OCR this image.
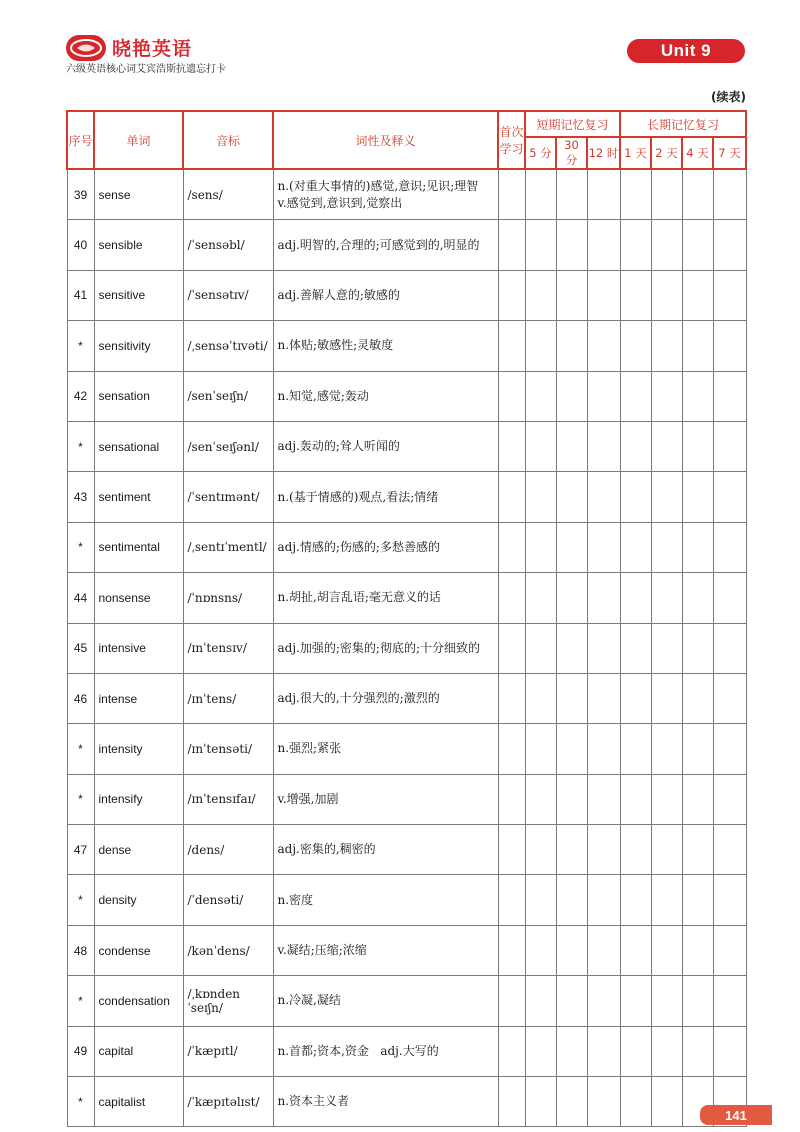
晓艳英语
六级英语核心词艾宾浩斯抗遗忘打卡
Unit 9
(续表)
序号	单词	音标	词性及释义	首次学习	短期记忆复习			长期记忆复习			
					5 分	30 分	12 时	1 天	2 天	4 天	7 天
39	sense	/sens/	n.(对重大事情的)感觉,意识;见识;理智  v.感觉到,意识到,觉察出								
40	sensible	/ˈsensəbl/	adj.明智的,合理的;可感觉到的,明显的								
41	sensitive	/ˈsensətɪv/	adj.善解人意的;敏感的								
*	sensitivity	/ˌsensəˈtɪvəti/	n.体贴;敏感性;灵敏度								
42	sensation	/senˈseɪʃn/	n.知觉,感觉;轰动								
*	sensational	/senˈseɪʃənl/	adj.轰动的;耸人听闻的								
43	sentiment	/ˈsentɪmənt/	n.(基于情感的)观点,看法;情绪								
*	sentimental	/ˌsentɪˈmentl/	adj.情感的;伤感的;多愁善感的								
44	nonsense	/ˈnɒnsns/	n.胡扯,胡言乱语;毫无意义的话								
45	intensive	/ɪnˈtensɪv/	adj.加强的;密集的;彻底的;十分细致的								
46	intense	/ɪnˈtens/	adj.很大的,十分强烈的;激烈的								
*	intensity	/ɪnˈtensəti/	n.强烈;紧张								
*	intensify	/ɪnˈtensɪfaɪ/	v.增强,加剧								
47	dense	/dens/	adj.密集的,稠密的								
*	density	/ˈdensəti/	n.密度								
48	condense	/kənˈdens/	v.凝结;压缩;浓缩								
*	condensation	/ˌkɒndenˈseɪʃn/	n.冷凝,凝结								
49	capital	/ˈkæpɪtl/	n.首都;资本,资金   adj.大写的								
*	capitalist	/ˈkæpɪtəlɪst/	n.资本主义者								
141
